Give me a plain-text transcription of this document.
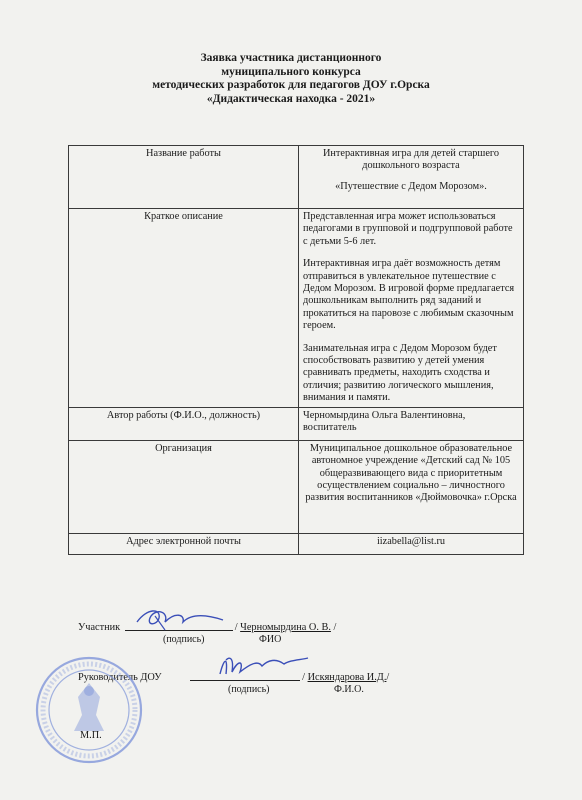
Заявка участника дистанционного
муниципального конкурса
методических разработок для педагогов ДОУ г.Орска
«Дидактическая находка - 2021»
Название работы	Интерактивная игра для детей старшего дошкольного возраста

«Путешествие с Дедом Морозом».

Краткое описание	Представленная игра может использоваться педагогами в групповой и подгрупповой работе с детьми 5-6 лет.

Интерактивная игра даёт возможность детям отправиться в увлекательное путешествие с Дедом Морозом. В игровой форме предлагается дошкольникам выполнить ряд заданий и прокатиться на паровозе с любимым сказочным героем.

Занимательная игра с Дедом Морозом будет способствовать развитию у детей умения сравнивать предметы, находить сходства и отличия; развитию логического мышления, внимания и памяти.

Автор работы (Ф.И.О., должность)	Черномырдина Ольга Валентиновна, воспитатель
Организация	Муниципальное дошкольное образовательное автономное учреждение «Детский сад № 105 общеразвивающего вида с приоритетным осуществлением социально – личностного развития воспитанников «Дюймовочка» г.Орска
Адрес электронной почты	iizabella@list.ru
Участник	/ Черномырдина О. В. /
(подпись)	ФИО
Руководитель ДОУ	/ Искяндарова И.Д./
(подпись)	Ф.И.О.
М.П.
